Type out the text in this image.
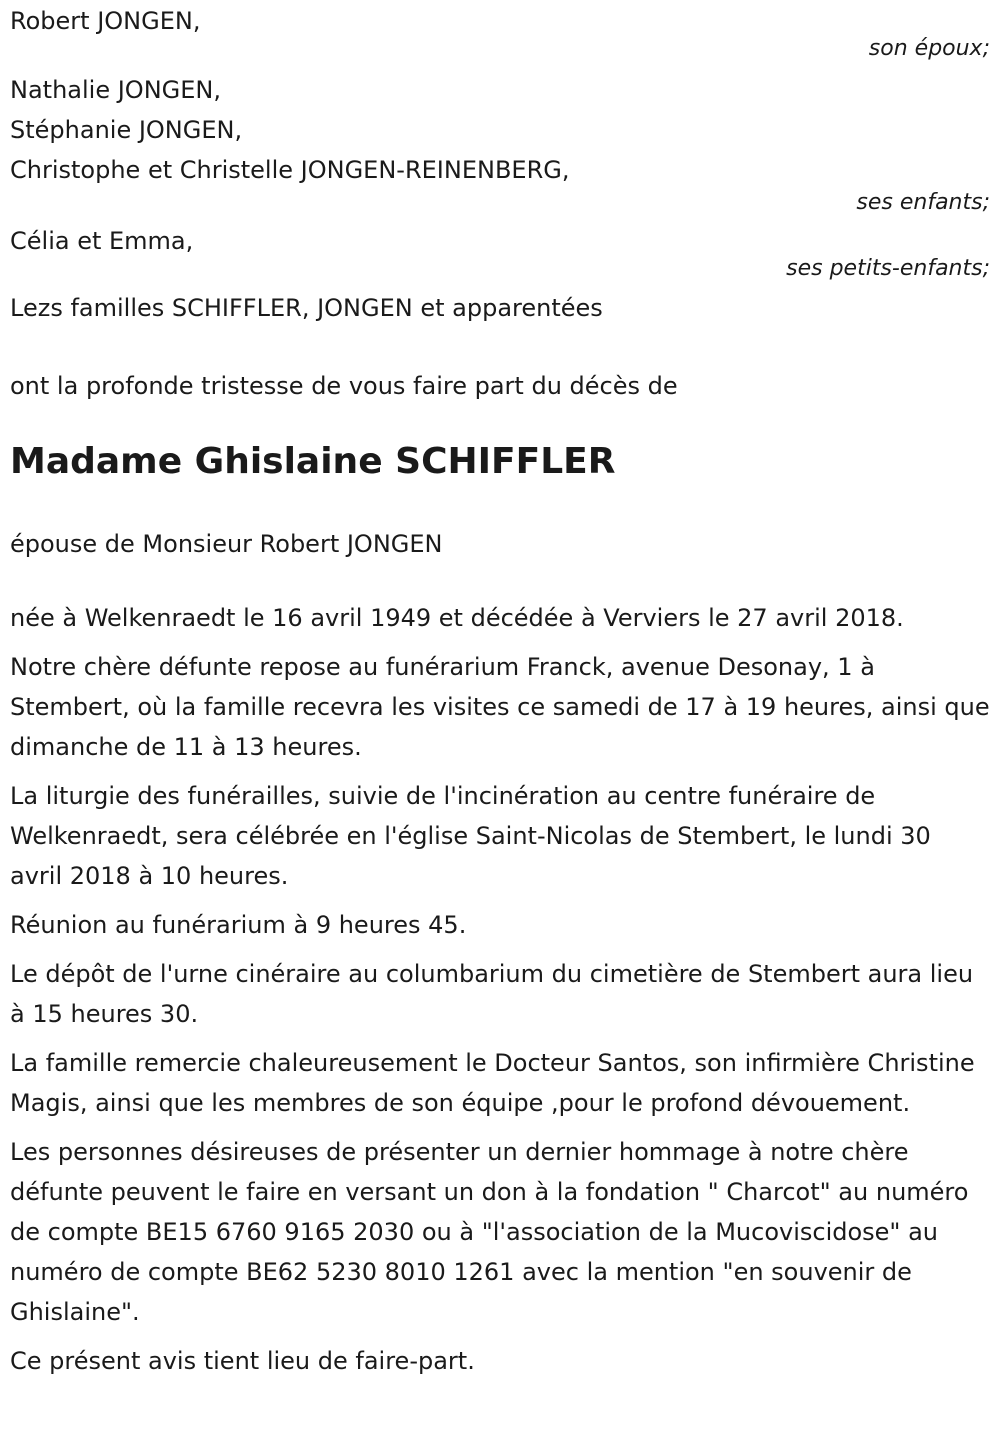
Robert JONGEN,

son époux;

Nathalie JONGEN,

Stéphanie JONGEN,

Christophe et Christelle JONGEN-REINENBERG,

ses enfants;

Célia et Emma,

ses petits-enfants;

Lezs familles SCHIFFLER, JONGEN et apparentées

ont la profonde tristesse de vous faire part du décès de

Madame Ghislaine SCHIFFLER

épouse de Monsieur Robert JONGEN

née à Welkenraedt le 16 avril 1949 et décédée à Verviers le 27 avril 2018.

Notre chère défunte repose au funérarium Franck, avenue Desonay, 1 à Stembert, où la famille recevra les visites ce samedi de 17 à 19 heures, ainsi que dimanche de 11 à 13 heures.

La liturgie des funérailles, suivie de l'incinération au centre funéraire de Welkenraedt, sera célébrée en l'église Saint-Nicolas de Stembert, le lundi 30 avril 2018 à 10 heures.

Réunion au funérarium à 9 heures 45.

Le dépôt de l'urne cinéraire au columbarium du cimetière de Stembert aura lieu à 15 heures 30.

La famille remercie chaleureusement le Docteur Santos, son infirmière Christine Magis, ainsi que les membres de son équipe ,pour le profond dévouement.

Les personnes désireuses de présenter un dernier hommage à notre chère défunte peuvent le faire en versant un don à la fondation " Charcot" au numéro de compte BE15 6760 9165 2030 ou à "l'association de la Mucoviscidose" au numéro de compte BE62 5230 8010 1261 avec la mention "en souvenir de Ghislaine".

Ce présent avis tient lieu de faire-part.
